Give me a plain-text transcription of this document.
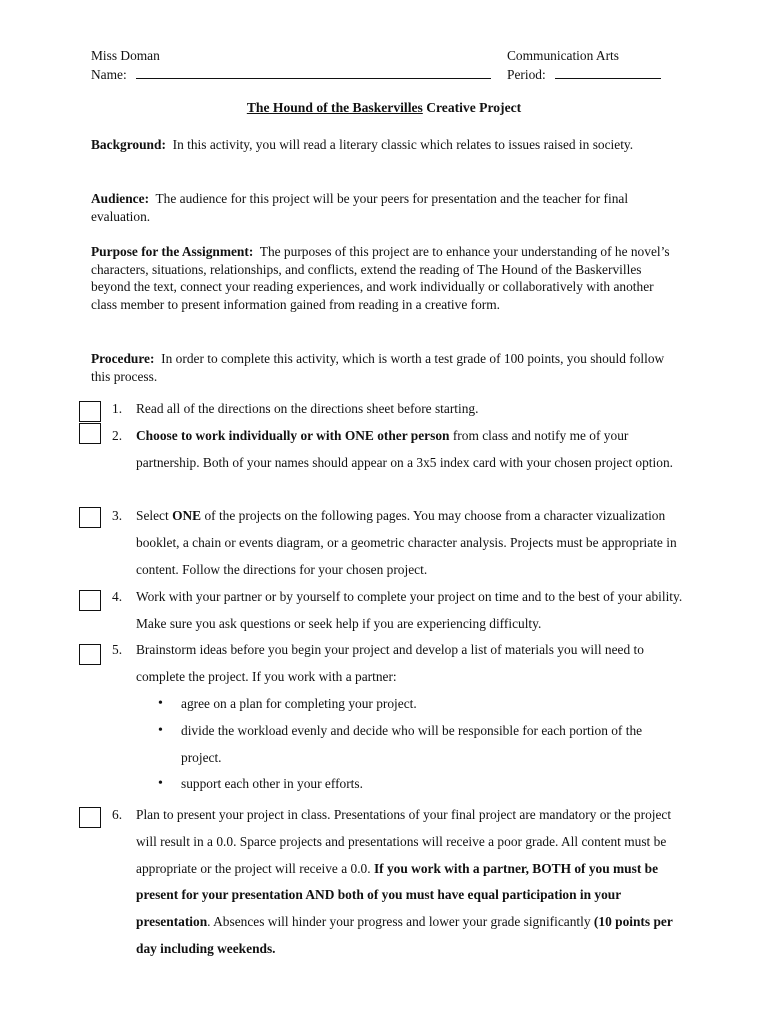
Miss Doman	Communication Arts
Name:	Period:
The Hound of the Baskervilles Creative Project
Background: In this activity, you will read a literary classic which relates to issues raised in society.
Audience: The audience for this project will be your peers for presentation and the teacher for final evaluation.
Purpose for the Assignment: The purposes of this project are to enhance your understanding of he novel’s characters, situations, relationships, and conflicts, extend the reading of The Hound of the Baskervilles beyond the text, connect your reading experiences, and work individually or collaboratively with another class member to present information gained from reading in a creative form.
Procedure: In order to complete this activity, which is worth a test grade of 100 points, you should follow this process.
1. Read all of the directions on the directions sheet before starting.
2. Choose to work individually or with ONE other person from class and notify me of your partnership. Both of your names should appear on a 3x5 index card with your chosen project option.
3. Select ONE of the projects on the following pages. You may choose from a character vizualization booklet, a chain or events diagram, or a geometric character analysis. Projects must be appropriate in content. Follow the directions for your chosen project.
4. Work with your partner or by yourself to complete your project on time and to the best of your ability. Make sure you ask questions or seek help if you are experiencing difficulty.
5. Brainstorm ideas before you begin your project and develop a list of materials you will need to complete the project. If you work with a partner:
• agree on a plan for completing your project.
• divide the workload evenly and decide who will be responsible for each portion of the project.
• support each other in your efforts.
6. Plan to present your project in class. Presentations of your final project are mandatory or the project will result in a 0.0. Sparce projects and presentations will receive a poor grade. All content must be appropriate or the project will receive a 0.0. If you work with a partner, BOTH of you must be present for your presentation AND both of you must have equal participation in your presentation. Absences will hinder your progress and lower your grade significantly (10 points per day including weekends.
